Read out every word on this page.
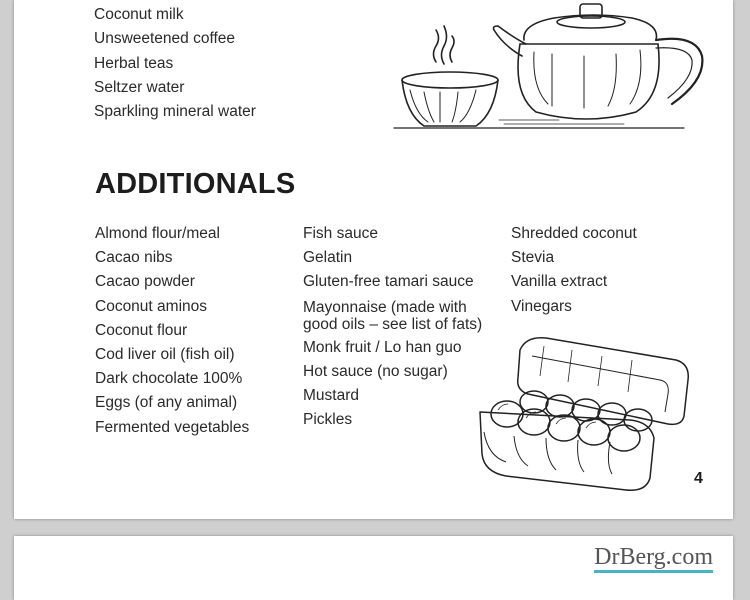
Coconut milk
Unsweetened coffee
Herbal teas
Seltzer water
Sparkling mineral water
ADDITIONALS
Almond flour/meal
Cacao nibs
Cacao powder
Coconut aminos
Coconut flour
Cod liver oil (fish oil)
Dark chocolate 100%
Eggs (of any animal)
Fermented vegetables
Fish sauce
Gelatin
Gluten-free tamari sauce
Mayonnaise (made with
good oils – see list of fats)
Monk fruit / Lo han guo
Hot sauce (no sugar)
Mustard
Pickles
Shredded coconut
Stevia
Vanilla extract
Vinegars
4
DrBerg.com
